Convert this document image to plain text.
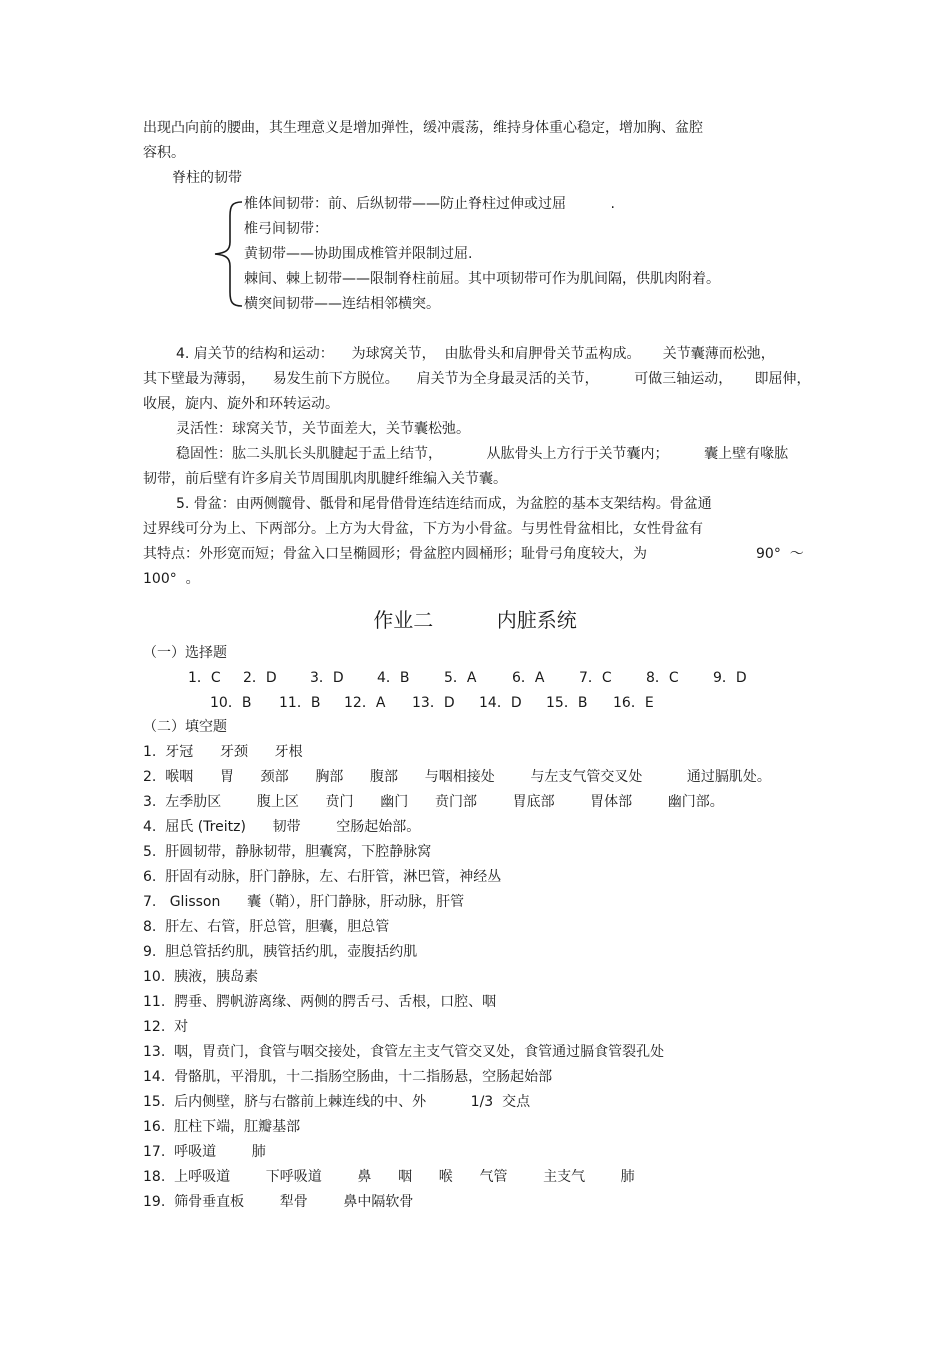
出现凸向前的腰曲，其生理意义是增加弹性，缓冲震荡，维持身体重心稳定，增加胸、盆腔
容积。
脊柱的韧带
椎体间韧带：前、后纵韧带——防止脊柱过伸或过屈          .
椎弓间韧带：
黄韧带——协助围成椎管并限制过屈.
棘间、棘上韧带——限制脊柱前屈。其中项韧带可作为肌间隔，供肌肉附着。
横突间韧带——连结相邻横突。
4. 肩关节的结构和运动：    为球窝关节，  由肱骨头和肩胛骨关节盂构成。     关节囊薄而松弛，
其下壁最为薄弱，    易发生前下方脱位。    肩关节为全身最灵活的关节，        可做三轴运动，     即屈伸，
收展，旋内、旋外和环转运动。
灵活性：球窝关节，关节面差大，关节囊松弛。
稳固性：肱二头肌长头肌腱起于盂上结节，          从肱骨头上方行于关节囊内；        囊上壁有喙肱
韧带，前后壁有许多肩关节周围肌肉肌腱纤维编入关节囊。
5. 骨盆：由两侧髋骨、骶骨和尾骨借骨连结连结而成，为盆腔的基本支架结构。骨盆通
过界线可分为上、下两部分。上方为大骨盆，下方为小骨盆。与男性骨盆相比，女性骨盆有
其特点：外形宽而短；骨盆入口呈椭圆形；骨盆腔内圆桶形；耻骨弓角度较大，为	90°  ～
100°  。
作业二          内脏系统
（一）选择题
1．C 2．D 3．D 4．B 5．A	6．A 7．C 8．C 9．D
10．B 11．B 12．A 13．D 14．D 15．B 16．E
（二）填空题
1.  牙冠      牙颈      牙根
2.  喉咽      胃      颈部      胸部      腹部      与咽相接处        与左支气管交叉处          通过膈肌处。
3.  左季肋区        腹上区      贲门      幽门      贲门部        胃底部        胃体部        幽门部。
4.  屈氏 (Treitz)      韧带        空肠起始部。
5.  肝圆韧带，静脉韧带，胆囊窝，下腔静脉窝
6.  肝固有动脉，肝门静脉，左、右肝管，淋巴管，神经丛
7.   Glisson      囊（鞘），肝门静脉，肝动脉，肝管
8.  肝左、右管，肝总管，胆囊，胆总管
9.  胆总管括约肌，胰管括约肌，壶腹括约肌
10.  胰液，胰岛素
11.  腭垂、腭帆游离缘、两侧的腭舌弓、舌根，口腔、咽
12.  对
13.  咽，胃贲门，食管与咽交接处，食管左主支气管交叉处，食管通过膈食管裂孔处
14.  骨骼肌，平滑肌，十二指肠空肠曲，十二指肠悬，空肠起始部
15.  后内侧壁，脐与右髂前上棘连线的中、外          1/3  交点
16.  肛柱下端，肛瓣基部
17.  呼吸道        肺
18.  上呼吸道        下呼吸道        鼻      咽      喉      气管        主支气        肺
19.  筛骨垂直板        犁骨        鼻中隔软骨
